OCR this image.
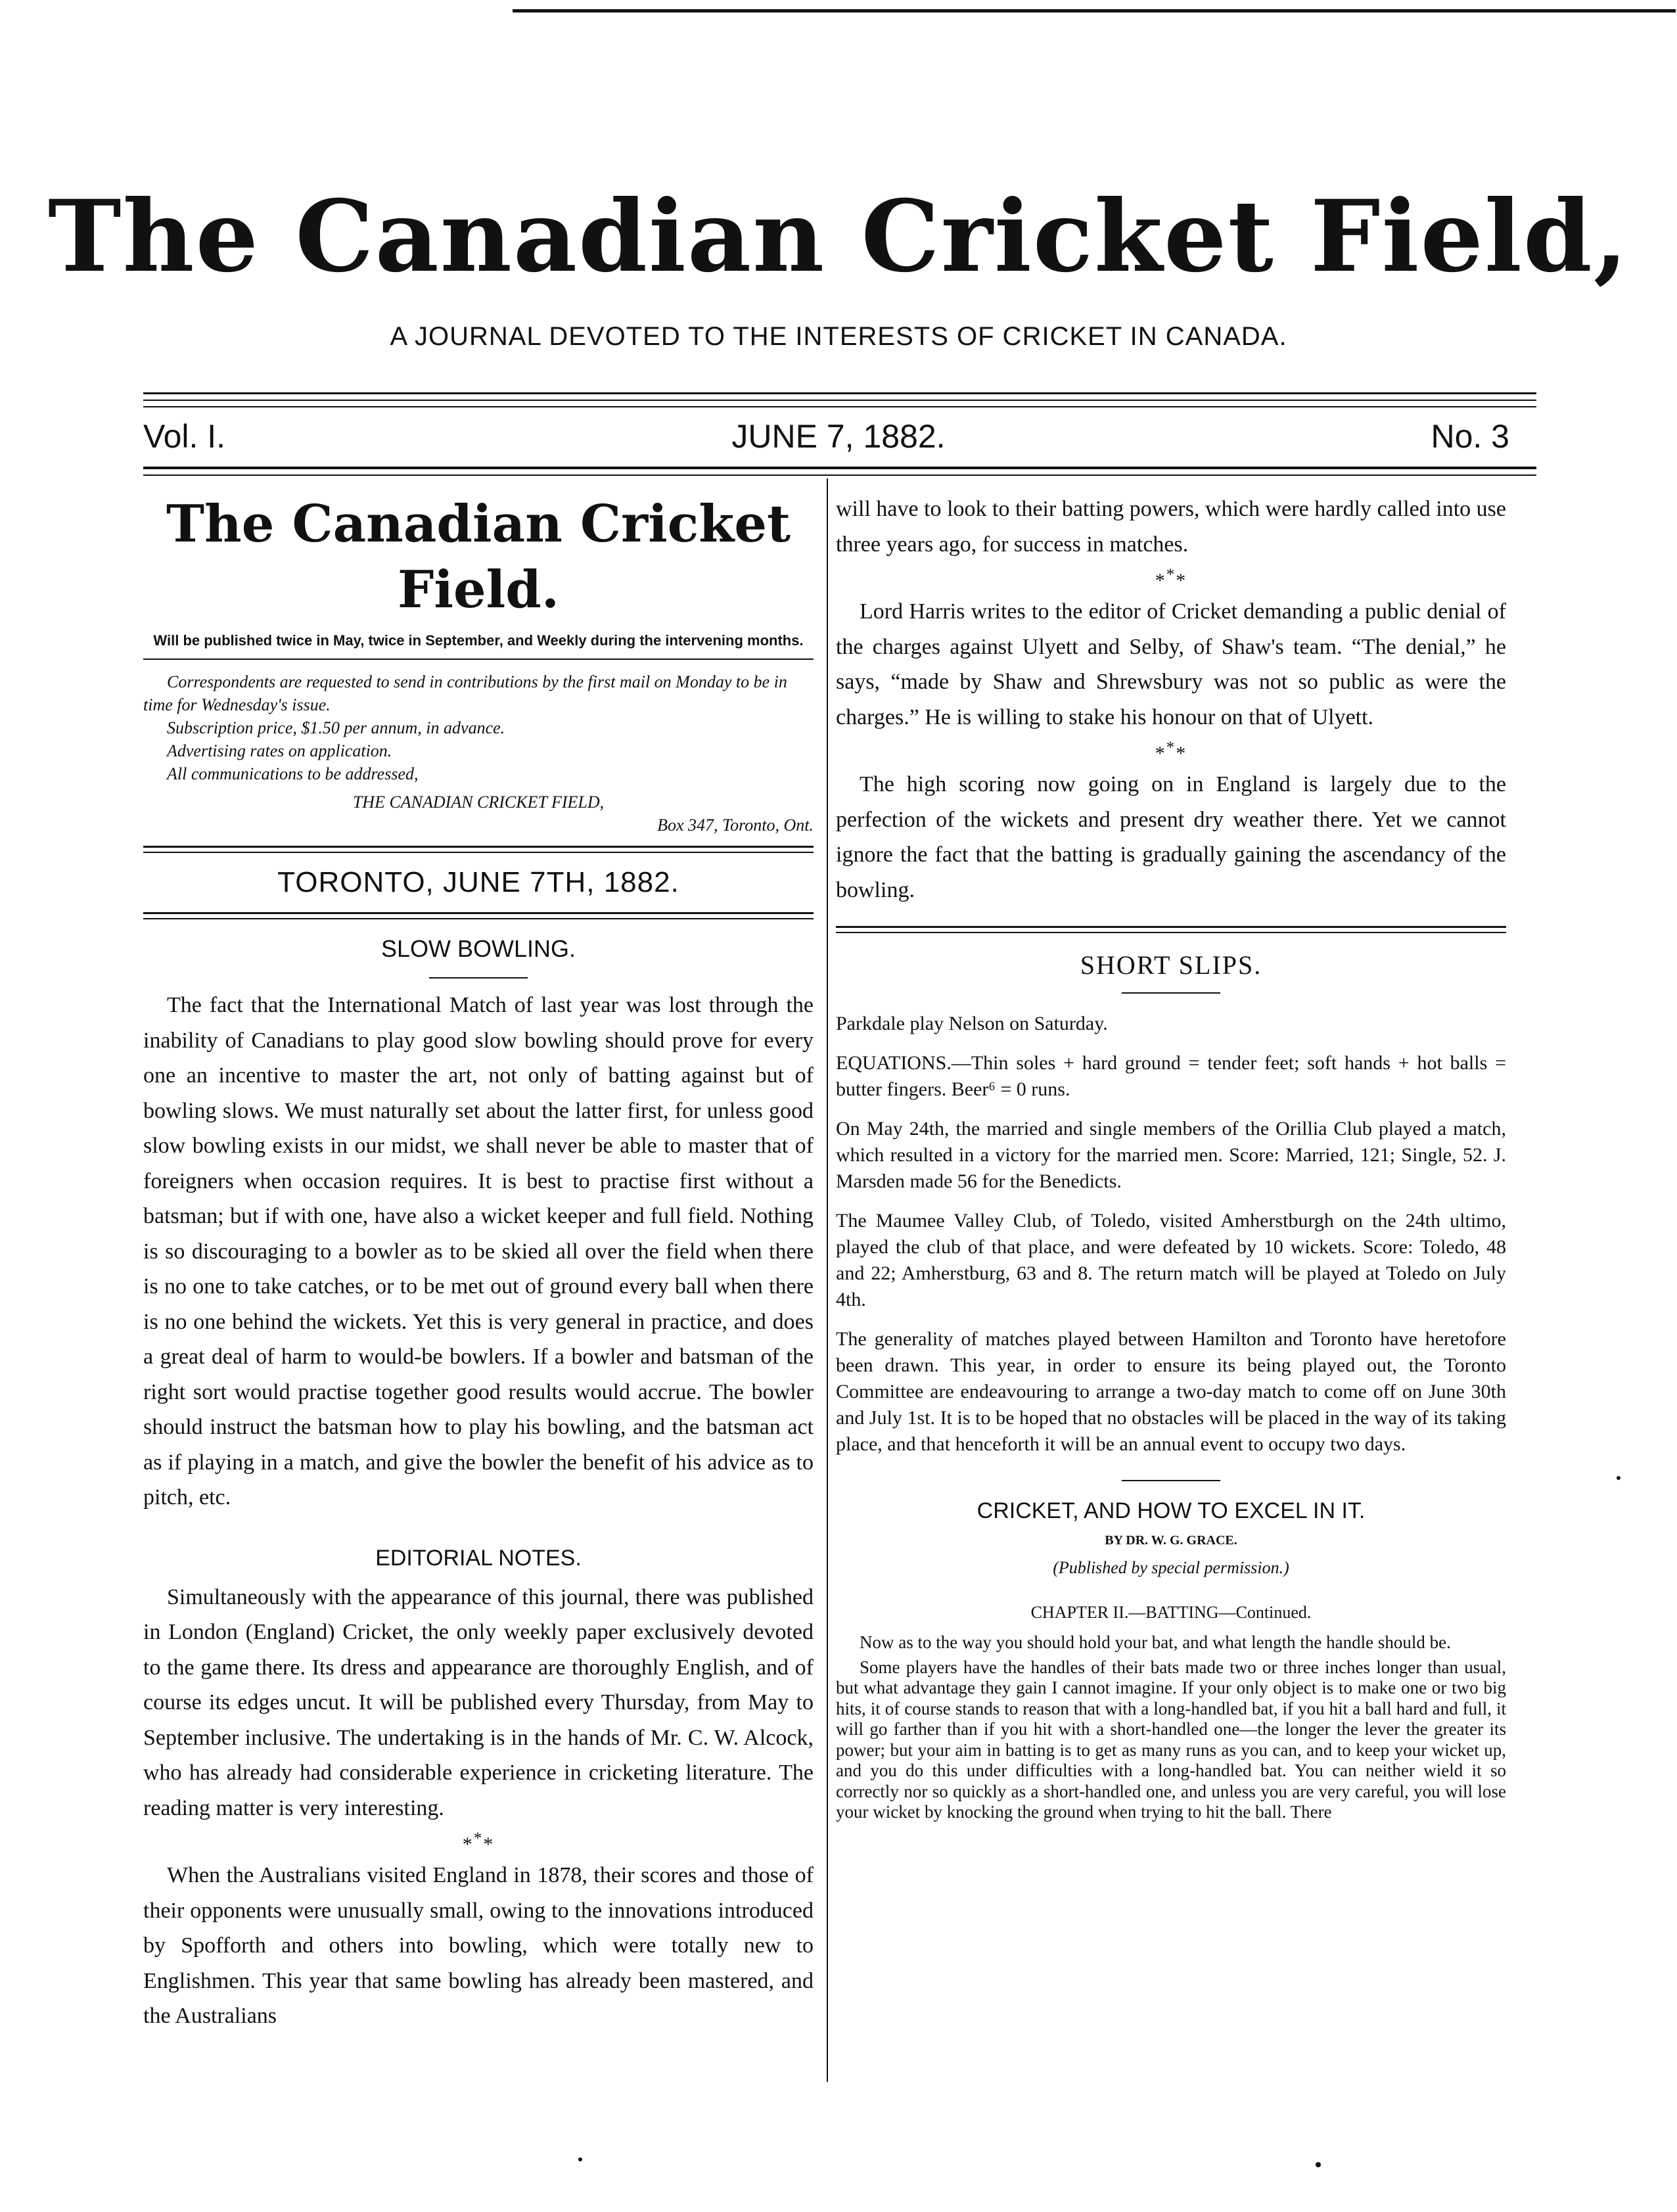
The Canadian Cricket Field,
A JOURNAL DEVOTED TO THE INTERESTS OF CRICKET IN CANADA.
Vol. I.	JUNE 7, 1882.	No. 3
The Canadian Cricket Field.

Will be published twice in May, twice in September, and Weekly during the intervening months.

Correspondents are requested to send in contributions by the first mail on Monday to be in time for Wednesday's issue.

Subscription price, $1.50 per annum, in advance.

Advertising rates on application.

All communications to be addressed,

THE CANADIAN CRICKET FIELD,

Box 347, Toronto, Ont.

TORONTO, JUNE 7TH, 1882.
SLOW BOWLING.

The fact that the International Match of last year was lost through the inability of Canadians to play good slow bowling should prove for every one an incentive to master the art, not only of batting against but of bowling slows. We must naturally set about the latter first, for unless good slow bowling exists in our midst, we shall never be able to master that of foreigners when occasion requires. It is best to practise first without a batsman; but if with one, have also a wicket keeper and full field. Nothing is so discouraging to a bowler as to be skied all over the field when there is no one to take catches, or to be met out of ground every ball when there is no one behind the wickets. Yet this is very general in practice, and does a great deal of harm to would-be bowlers. If a bowler and batsman of the right sort would practise together good results would accrue. The bowler should instruct the batsman how to play his bowling, and the batsman act as if playing in a match, and give the bowler the benefit of his advice as to pitch, etc.

EDITORIAL NOTES.

Simultaneously with the appearance of this journal, there was published in London (England) Cricket, the only weekly paper exclusively devoted to the game there. Its dress and appearance are thoroughly English, and of course its edges uncut. It will be published every Thursday, from May to September inclusive. The undertaking is in the hands of Mr. C. W. Alcock, who has already had considerable experience in cricketing literature. The reading matter is very interesting.

***

When the Australians visited England in 1878, their scores and those of their opponents were unusually small, owing to the innovations introduced by Spofforth and others into bowling, which were totally new to Englishmen. This year that same bowling has already been mastered, and the Australians

will have to look to their batting powers, which were hardly called into use three years ago, for success in matches.

***

Lord Harris writes to the editor of Cricket demanding a public denial of the charges against Ulyett and Selby, of Shaw's team. “The denial,” he says, “made by Shaw and Shrewsbury was not so public as were the charges.” He is willing to stake his honour on that of Ulyett.

***

The high scoring now going on in England is largely due to the perfection of the wickets and present dry weather there. Yet we cannot ignore the fact that the batting is gradually gaining the ascendancy of the bowling.

SHORT SLIPS.

Parkdale play Nelson on Saturday.

EQUATIONS.—Thin soles + hard ground = tender feet; soft hands + hot balls = butter fingers. Beer⁶ = 0 runs.

On May 24th, the married and single members of the Orillia Club played a match, which resulted in a victory for the married men. Score: Married, 121; Single, 52. J. Marsden made 56 for the Benedicts.

The Maumee Valley Club, of Toledo, visited Amherstburgh on the 24th ultimo, played the club of that place, and were defeated by 10 wickets. Score: Toledo, 48 and 22; Amherstburg, 63 and 8. The return match will be played at Toledo on July 4th.

The generality of matches played between Hamilton and Toronto have heretofore been drawn. This year, in order to ensure its being played out, the Toronto Committee are endeavouring to arrange a two-day match to come off on June 30th and July 1st. It is to be hoped that no obstacles will be placed in the way of its taking place, and that henceforth it will be an annual event to occupy two days.

CRICKET, AND HOW TO EXCEL IN IT.
BY DR. W. G. GRACE.
(Published by special permission.)
CHAPTER II.—BATTING—Continued.

Now as to the way you should hold your bat, and what length the handle should be.

Some players have the handles of their bats made two or three inches longer than usual, but what advantage they gain I cannot imagine. If your only object is to make one or two big hits, it of course stands to reason that with a long-handled bat, if you hit a ball hard and full, it will go farther than if you hit with a short-handled one—the longer the lever the greater its power; but your aim in batting is to get as many runs as you can, and to keep your wicket up, and you do this under difficulties with a long-handled bat. You can neither wield it so correctly nor so quickly as a short-handled one, and unless you are very careful, you will lose your wicket by knocking the ground when trying to hit the ball. There
